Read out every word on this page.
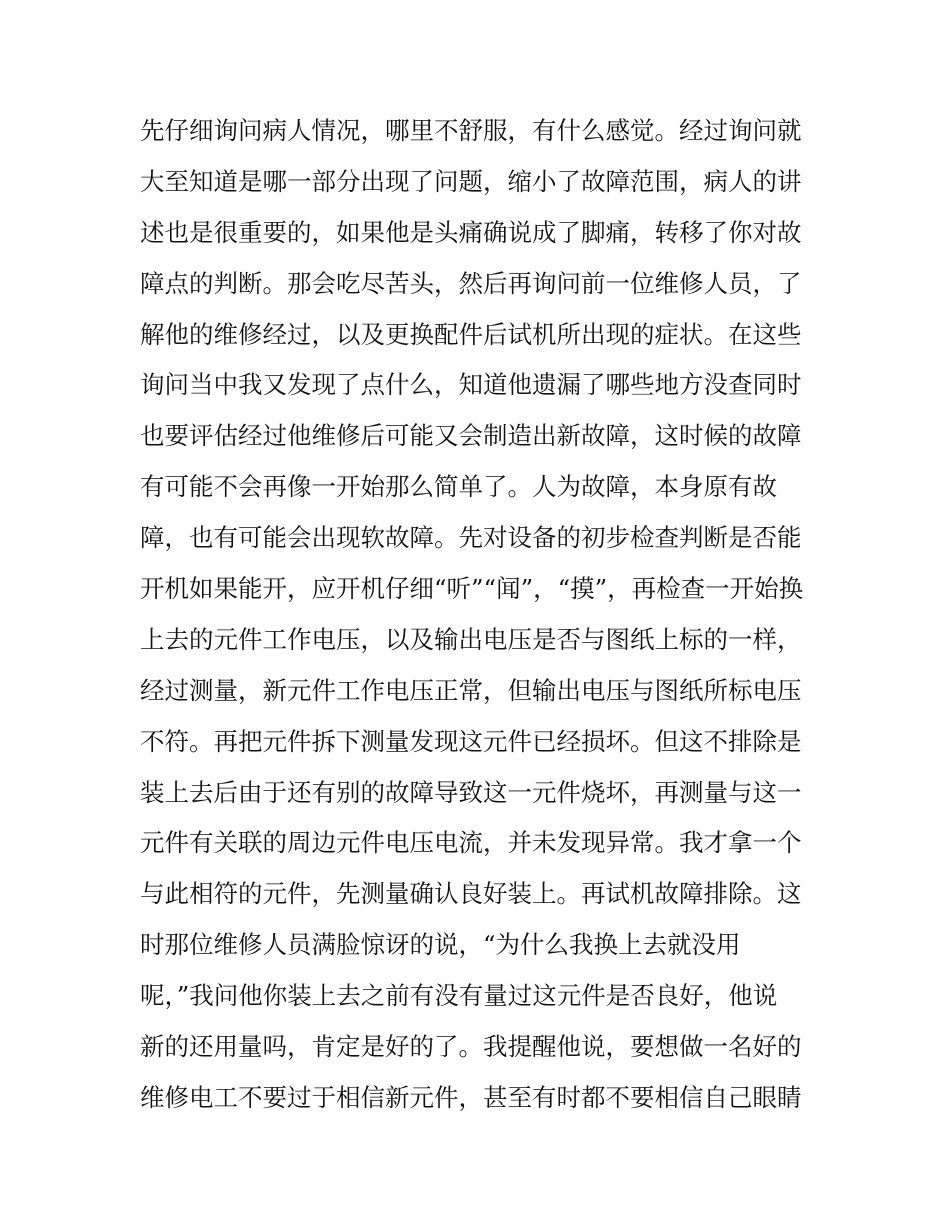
先仔细询问病人情况，哪里不舒服，有什么感觉。经过询问就
大至知道是哪一部分出现了问题，缩小了故障范围，病人的讲
述也是很重要的，如果他是头痛确说成了脚痛，转移了你对故
障点的判断。那会吃尽苦头，然后再询问前一位维修人员，了
解他的维修经过，以及更换配件后试机所出现的症状。在这些
询问当中我又发现了点什么，知道他遗漏了哪些地方没查同时
也要评估经过他维修后可能又会制造出新故障，这时候的故障
有可能不会再像一开始那么简单了。人为故障，本身原有故
障，也有可能会出现软故障。先对设备的初步检查判断是否能
开机如果能开，应开机仔细“听”“闻”，“摸”，再检查一开始换
上去的元件工作电压，以及输出电压是否与图纸上标的一样，
经过测量，新元件工作电压正常，但输出电压与图纸所标电压
不符。再把元件拆下测量发现这元件已经损坏。但这不排除是
装上去后由于还有别的故障导致这一元件烧坏，再测量与这一
元件有关联的周边元件电压电流，并未发现异常。我才拿一个
与此相符的元件，先测量确认良好装上。再试机故障排除。这
时那位维修人员满脸惊讶的说，“为什么我换上去就没用
呢，”我问他你装上去之前有没有量过这元件是否良好，他说
新的还用量吗，肯定是好的了。我提醒他说，要想做一名好的
维修电工不要过于相信新元件，甚至有时都不要相信自己眼睛
